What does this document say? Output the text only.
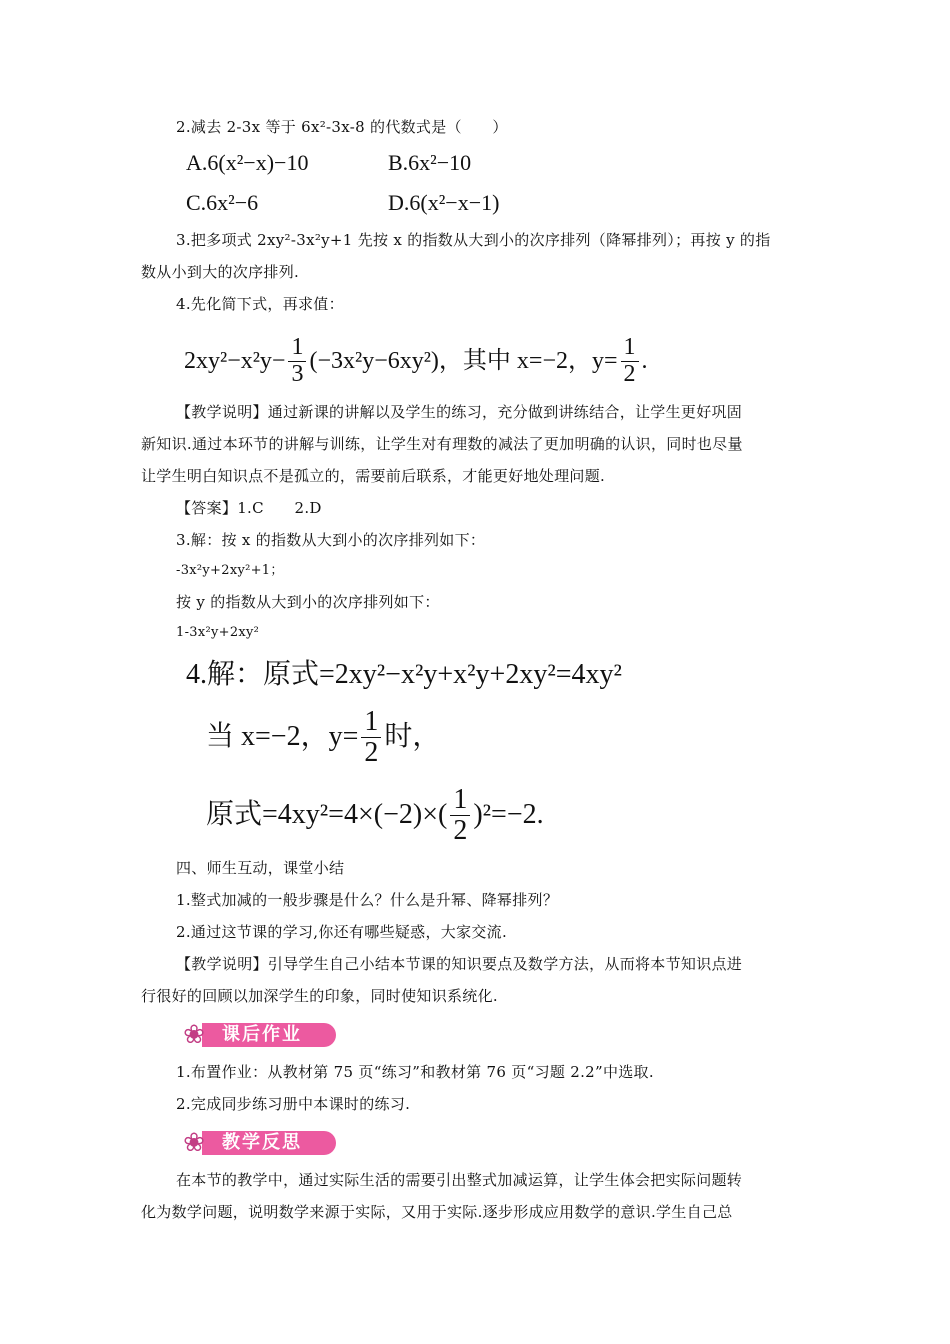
2.减去 2-3x 等于 6x²-3x-8 的代数式是（　　）
A.6(x²−x)−10	B.6x²−10
C.6x²−6	D.6(x²−x−1)
3.把多项式 2xy²-3x²y+1 先按 x 的指数从大到小的次序排列（降幂排列）；再按 y 的指
数从小到大的次序排列.
4.先化简下式，再求值：
$2xy^2-x^2y- \frac{1}{3} (-3x^2y-6xy^2)$，其中 x=−2，$y= \frac{1}{2}$ .
【教学说明】通过新课的讲解以及学生的练习，充分做到讲练结合，让学生更好巩固
新知识.通过本环节的讲解与训练，让学生对有理数的减法了更加明确的认识，同时也尽量
让学生明白知识点不是孤立的，需要前后联系，才能更好地处理问题.
【答案】1.C　　2.D
3.解：按 x 的指数从大到小的次序排列如下：
-3x²y+2xy²+1；
按 y 的指数从大到小的次序排列如下：
1-3x²y+2xy²
4.解：原式=2xy²−x²y+x²y+2xy²=4xy²
当 x=−2，$y= \frac{1}{2}$ 时，
原式$=4xy^2=4\times(-2)\times( \frac{1}{2} )^2=-2$.
四、师生互动，课堂小结
1.整式加减的一般步骤是什么？什么是升幂、降幂排列？
2.通过这节课的学习,你还有哪些疑惑，大家交流.
【教学说明】引导学生自己小结本节课的知识要点及数学方法，从而将本节知识点进
行很好的回顾以加深学生的印象，同时使知识系统化.
课后作业
❀
1.布置作业：从教材第 75 页“练习”和教材第 76 页“习题 2.2”中选取.
2.完成同步练习册中本课时的练习.
教学反思
❀
在本节的教学中，通过实际生活的需要引出整式加减运算，让学生体会把实际问题转
化为数学问题，说明数学来源于实际，又用于实际.逐步形成应用数学的意识.学生自己总
